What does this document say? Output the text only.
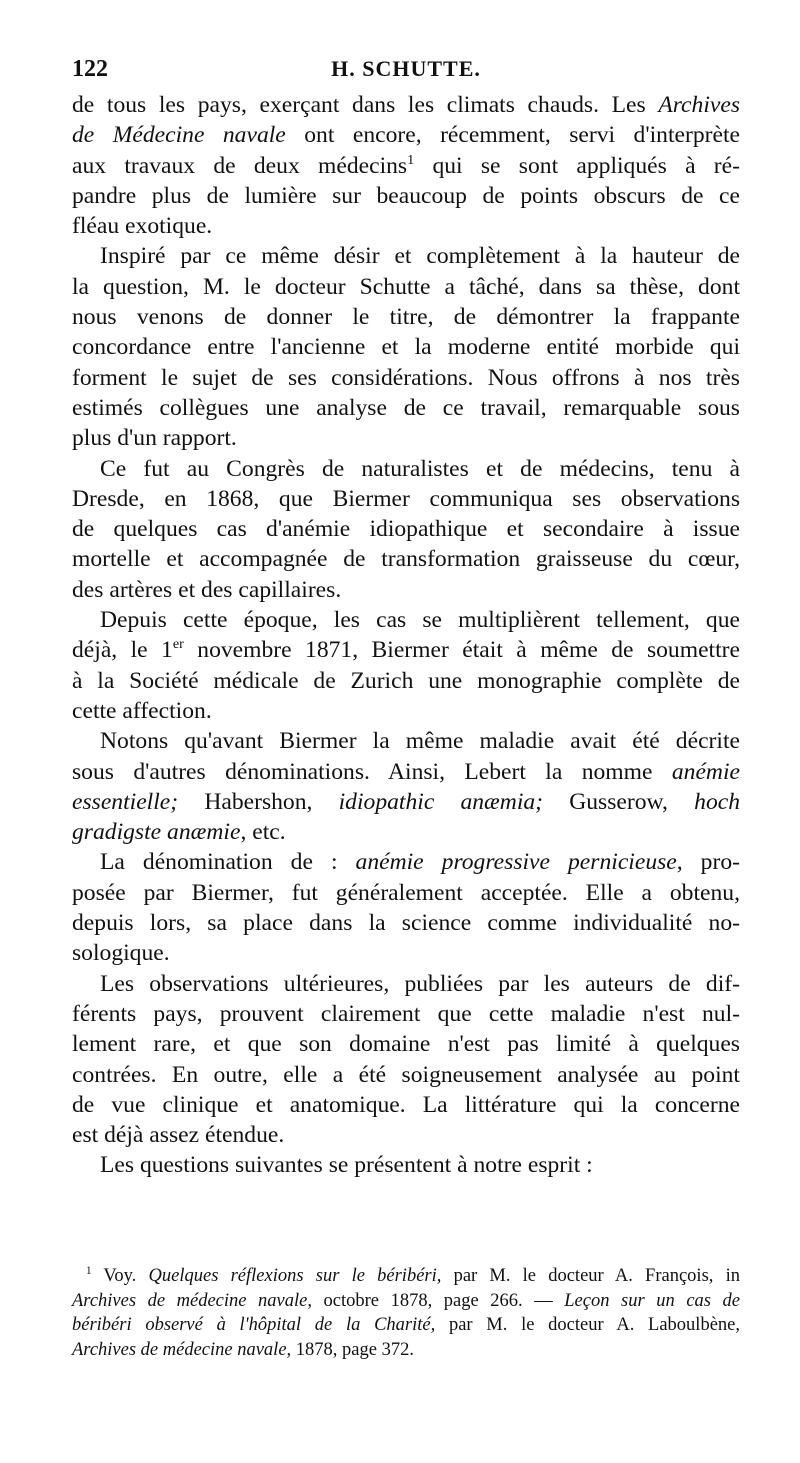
122	H. SCHUTTE.
de tous les pays, exerçant dans les climats chauds. Les Archives
de Médecine navale ont encore, récemment, servi d'interprète
aux travaux de deux médecins$^1$ qui se sont appliqués à ré-
pandre plus de lumière sur beaucoup de points obscurs de ce
fléau exotique.
Inspiré par ce même désir et complètement à la hauteur de
la question, M. le docteur Schutte a tâché, dans sa thèse, dont
nous venons de donner le titre, de démontrer la frappante
concordance entre l'ancienne et la moderne entité morbide qui
forment le sujet de ses considérations. Nous offrons à nos très
estimés collègues une analyse de ce travail, remarquable sous
plus d'un rapport.
Ce fut au Congrès de naturalistes et de médecins, tenu à
Dresde, en 1868, que Biermer communiqua ses observations
de quelques cas d'anémie idiopathique et secondaire à issue
mortelle et accompagnée de transformation graisseuse du cœur,
des artères et des capillaires.
Depuis cette époque, les cas se multiplièrent tellement, que
déjà, le 1er novembre 1871, Biermer était à même de soumettre
à la Société médicale de Zurich une monographie complète de
cette affection.
Notons qu'avant Biermer la même maladie avait été décrite
sous d'autres dénominations. Ainsi, Lebert la nomme anémie
essentielle; Habershon, idiopathic anæmia; Gusserow, hoch
gradigste anæmie, etc.
La dénomination de : anémie progressive pernicieuse, pro-
posée par Biermer, fut généralement acceptée. Elle a obtenu,
depuis lors, sa place dans la science comme individualité no-
sologique.
Les observations ultérieures, publiées par les auteurs de dif-
férents pays, prouvent clairement que cette maladie n'est nul-
lement rare, et que son domaine n'est pas limité à quelques
contrées. En outre, elle a été soigneusement analysée au point
de vue clinique et anatomique. La littérature qui la concerne
est déjà assez étendue.
Les questions suivantes se présentent à notre esprit :
$^1$ Voy. Quelques réflexions sur le béribéri, par M. le docteur A. François, in
Archives de médecine navale, octobre 1878, page 266. — Leçon sur un cas de
béribéri observé à l'hôpital de la Charité, par M. le docteur A. Laboulbène,
Archives de médecine navale, 1878, page 372.
